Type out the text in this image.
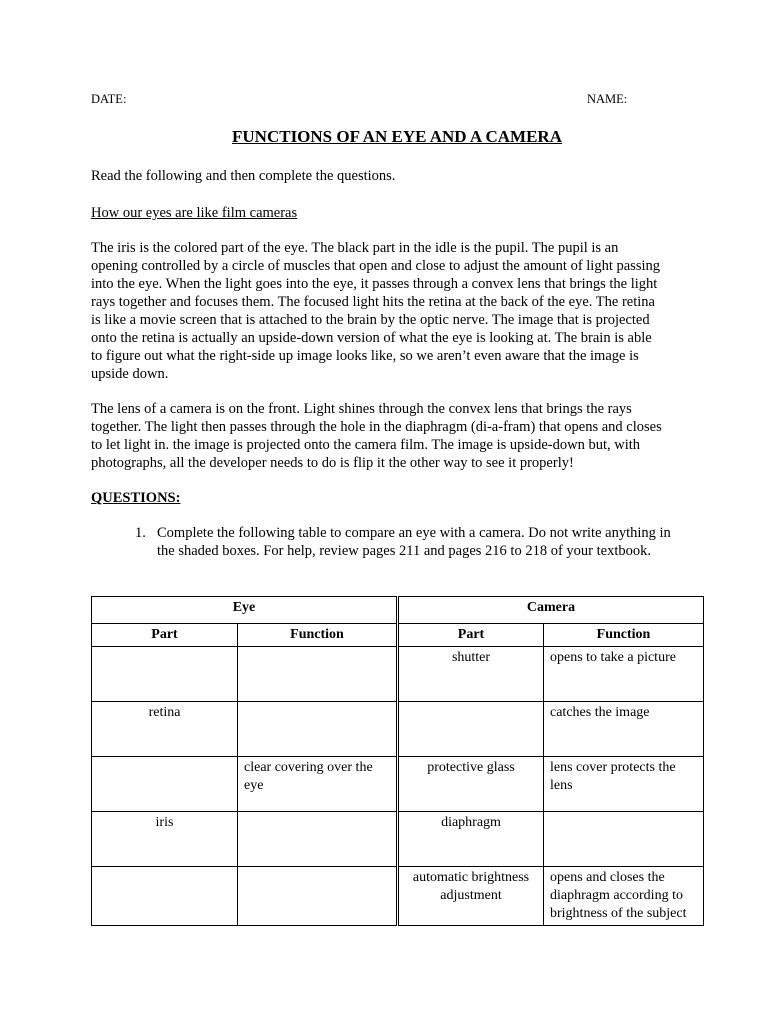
DATE:	NAME:
FUNCTIONS OF AN EYE AND A CAMERA
Read the following and then complete the questions.
How our eyes are like film cameras

The iris is the colored part of the eye. The black part in the idle is the pupil. The pupil is an opening controlled by a circle of muscles that open and close to adjust the amount of light passing into the eye. When the light goes into the eye, it passes through a convex lens that brings the light rays together and focuses them. The focused light hits the retina at the back of the eye. The retina is like a movie screen that is attached to the brain by the optic nerve. The image that is projected onto the retina is actually an upside-down version of what the eye is looking at. The brain is able to figure out what the right-side up image looks like, so we aren’t even aware that the image is upside down.

The lens of a camera is on the front. Light shines through the convex lens that brings the rays together. The light then passes through the hole in the diaphragm (di-a-fram) that opens and closes to let light in. the image is projected onto the camera film. The image is upside-down but, with photographs, all the developer needs to do is flip it the other way to see it properly!

QUESTIONS:
1. Complete the following table to compare an eye with a camera. Do not write anything in the shaded boxes. For help, review pages 211 and pages 216 to 218 of your textbook.
Eye		Camera	
Part	Function	Part	Function
		shutter	opens to take a picture
retina			catches the image
	clear covering over the eye	protective glass	lens cover protects the lens
iris		diaphragm	
		automatic brightness adjustment	opens and closes the diaphragm according to brightness of the subject
